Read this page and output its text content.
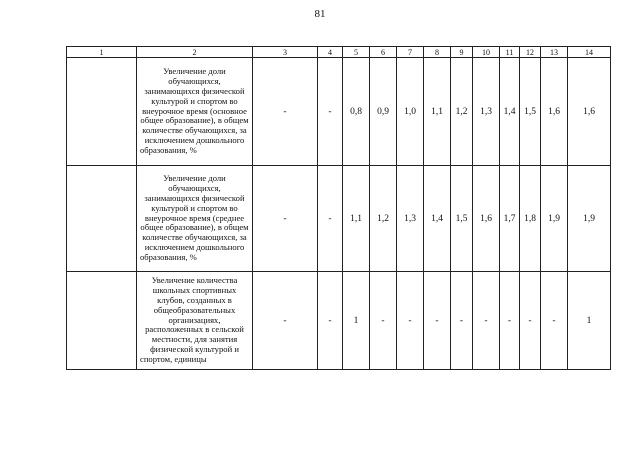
81
1	2	3	4	5	6	7	8	9	10	11	12	13	14
	Увеличение доли обучающихся, занимающихся физической культурой и спортом во внеурочное время (основное общее образование), в общем количестве обучающихся, за исключением дошкольного образования, %	-	-	0,8	0,9	1,0	1,1	1,2	1,3	1,4	1,5	1,6	1,6
	Увеличение доли обучающихся, занимающихся физической культурой и спортом во внеурочное время (среднее общее образование), в общем количестве обучающихся, за исключением дошкольного образования, %	-	-	1,1	1,2	1,3	1,4	1,5	1,6	1,7	1,8	1,9	1,9
	Увеличение количества школьных спортивных клубов, созданных в общеобразовательных организациях, расположенных в сельской местности, для занятия физической культурой и спортом, единицы	-	-	1	-	-	-	-	-	-	-	-	1
